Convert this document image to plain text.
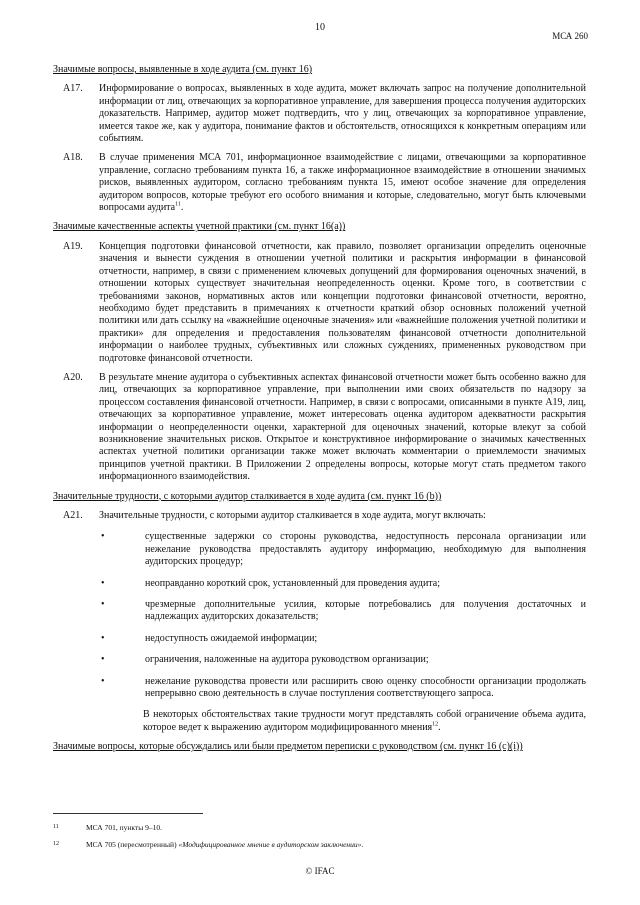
10
МСА 260
Значимые вопросы, выявленные в ходе аудита (см. пункт 16)
A17.	Информирование о вопросах, выявленных в ходе аудита, может включать запрос на получение дополнительной информации от лиц, отвечающих за корпоративное управление, для завершения процесса получения аудиторских доказательств. Например, аудитор может подтвердить, что у лиц, отвечающих за корпоративное управление, имеется такое же, как у аудитора, понимание фактов и обстоятельств, относящихся к конкретным операциям или событиям.
A18.	В случае применения МСА 701, информационное взаимодействие с лицами, отвечающими за корпоративное управление, согласно требованиям пункта 16, а также информационное взаимодействие в отношении значимых рисков, выявленных аудитором, согласно требованиям пункта 15, имеют особое значение для определения аудитором вопросов, которые требуют его особого внимания и которые, следовательно, могут быть ключевыми вопросами аудита$^{11}$.
Значимые качественные аспекты учетной практики (см. пункт 16(a))
A19.	Концепция подготовки финансовой отчетности, как правило, позволяет организации определить оценочные значения и вынести суждения в отношении учетной политики и раскрытия информации в финансовой отчетности, например, в связи с применением ключевых допущений для формирования оценочных значений, в отношении которых существует значительная неопределенность оценки. Кроме того, в соответствии с требованиями законов, нормативных актов или концепции подготовки финансовой отчетности, вероятно, необходимо будет представить в примечаниях к отчетности краткий обзор основных положений учетной политики или дать ссылку на «важнейшие оценочные значения» или «важнейшие положения учетной политики и практики» для определения и предоставления пользователям финансовой отчетности дополнительной информации о наиболее трудных, субъективных или сложных суждениях, примененных руководством при подготовке финансовой отчетности.
A20.	В результате мнение аудитора о субъективных аспектах финансовой отчетности может быть особенно важно для лиц, отвечающих за корпоративное управление, при выполнении ими своих обязательств по надзору за процессом составления финансовой отчетности. Например, в связи с вопросами, описанными в пункте A19, лиц, отвечающих за корпоративное управление, может интересовать оценка аудитором адекватности раскрытия информации о неопределенности оценки, характерной для оценочных значений, которые влекут за собой возникновение значительных рисков. Открытое и конструктивное информирование о значимых качественных аспектах учетной политики организации также может включать комментарии о приемлемости значимых принципов учетной практики. В Приложении 2 определены вопросы, которые могут стать предметом такого информационного взаимодействия.
Значительные трудности, с которыми аудитор сталкивается в ходе аудита (см. пункт 16 (b))
A21.	Значительные трудности, с которыми аудитор сталкивается в ходе аудита, могут включать:
•	существенные задержки со стороны руководства, недоступность персонала организации или нежелание руководства предоставлять аудитору информацию, необходимую для выполнения аудиторских процедур;
•	неоправданно короткий срок, установленный для проведения аудита;
•	чрезмерные дополнительные усилия, которые потребовались для получения достаточных и надлежащих аудиторских доказательств;
•	недоступность ожидаемой информации;
•	ограничения, наложенные на аудитора руководством организации;
•	нежелание руководства провести или расширить свою оценку способности организации продолжать непрерывно свою деятельность в случае поступления соответствующего запроса.
В некоторых обстоятельствах такие трудности могут представлять собой ограничение объема аудита, которое ведет к выражению аудитором модифицированного мнения$^{12}$.
Значимые вопросы, которые обсуждались или были предметом переписки с руководством (см. пункт 16 (c)(i))
11	МСА 701, пункты 9–10.
12	МСА 705 (пересмотренный) «Модифицированное мнение в аудиторском заключении».
© IFAC
